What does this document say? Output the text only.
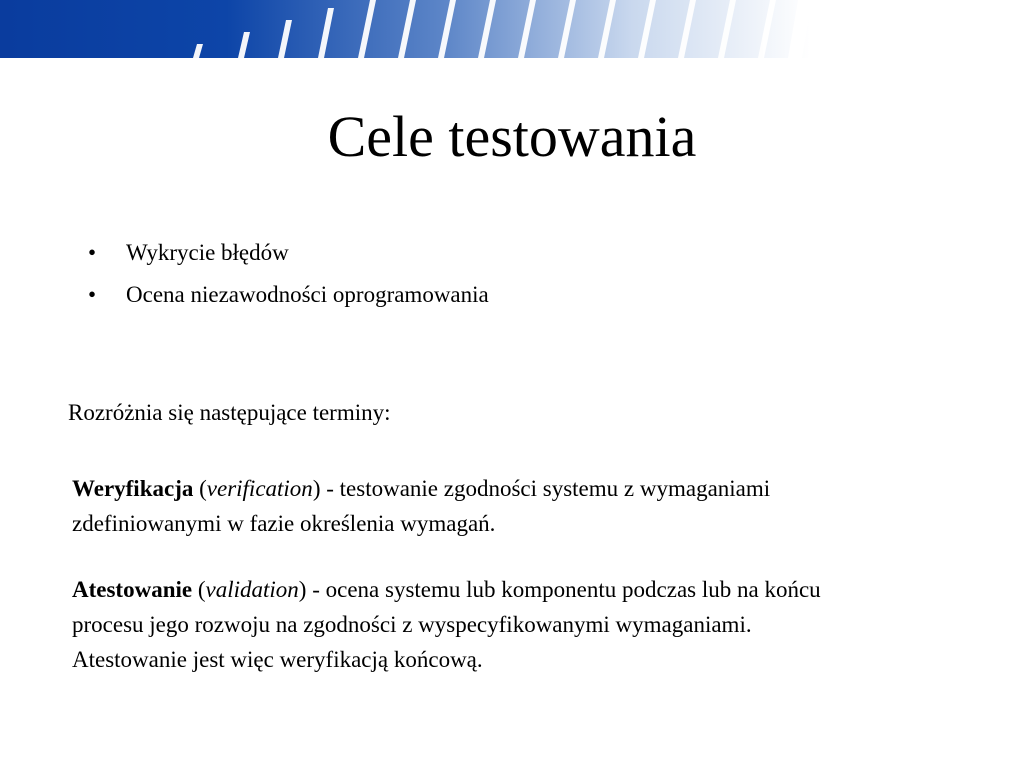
Cele testowania
•	Wykrycie błędów
•	Ocena niezawodności oprogramowania
Rozróżnia się następujące terminy:
Weryfikacja (verification) - testowanie zgodności systemu z wymaganiami
zdefiniowanymi w fazie określenia wymagań.
Atestowanie (validation) - ocena systemu lub komponentu podczas lub na końcu
procesu jego rozwoju na zgodności z wyspecyfikowanymi wymaganiami.
Atestowanie jest więc weryfikacją końcową.
